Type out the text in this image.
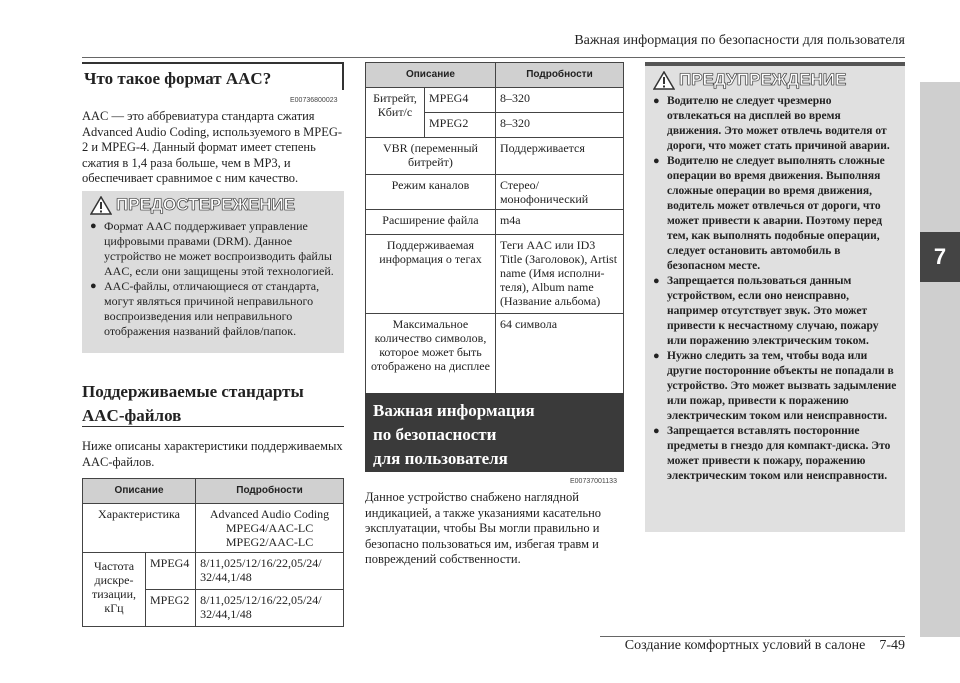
Важная информация по безопасности для пользователя
7
Создание комфортных условий в салоне 7-49
Что такое формат AAC?
E00736800023
AAC — это аббревиатура стандарта сжатия Advanced Audio Coding, используемого в MPEG-2 и MPEG-4. Данный формат имеет степень сжатия в 1,4 раза больше, чем в MP3, и обеспечивает сравнимое с ним качество.
ПРЕДОСТЕРЕЖЕНИЕ
● Формат AAC поддерживает управление цифровыми правами (DRM). Данное устройство не может воспроизводить файлы AAC, если они защищены этой технологией.
● AAC-файлы, отличающиеся от стандарта, могут являться причиной неправильного воспроизведения или неправильного отображения названий файлов/папок.
Поддерживаемые стандарты
AAC-файлов
Ниже описаны характеристики поддерживаемых AAC-файлов.
Описание		Подробности
Характеристика		Advanced Audio Coding MPEG4/AAC-LC MPEG2/AAC-LC
Частота дискре- тизации, кГц	MPEG4	8/11,025/12/16/22,05/24/ 32/44,1/48
	MPEG2	8/11,025/12/16/22,05/24/ 32/44,1/48
Описание		Подробности
Битрейт, Кбит/с	MPEG4	8–320
	MPEG2	8–320
VBR (переменный битрейт)		Поддерживается
Режим каналов		Стерео/монофонический
Расширение файла		m4a
Поддерживаемая информация о тегах		Теги AAC или ID3 Title (Заголовок), Artist name (Имя исполни- теля), Album name (Название альбома)
Максимальное количество символов, которое может быть отображено на дисплее		64 символа
Важная информация
по безопасности
для пользователя
E00737001133
Данное устройство снабжено наглядной индикацией, а также указаниями касательно эксплуатации, чтобы Вы могли правильно и безопасно пользоваться им, избегая травм и повреждений собственности.
ПРЕДУПРЕЖДЕНИЕ
● Водителю не следует чрезмерно отвлекаться на дисплей во время движения. Это может отвлечь водителя от дороги, что может стать причиной аварии.
● Водителю не следует выполнять сложные операции во время движения. Выполняя сложные операции во время движения, водитель может отвлечься от дороги, что может привести к аварии. Поэтому перед тем, как выполнять подобные операции, следует остановить автомобиль в безопасном месте.
● Запрещается пользоваться данным устройством, если оно неисправно, например отсутствует звук. Это может привести к несчастному случаю, пожару или поражению электрическим током.
● Нужно следить за тем, чтобы вода или другие посторонние объекты не попадали в устройство. Это может вызвать задымление или пожар, привести к поражению электрическим током или неисправности.
● Запрещается вставлять посторонние предметы в гнездо для компакт-диска. Это может привести к пожару, поражению электрическим током или неисправности.
